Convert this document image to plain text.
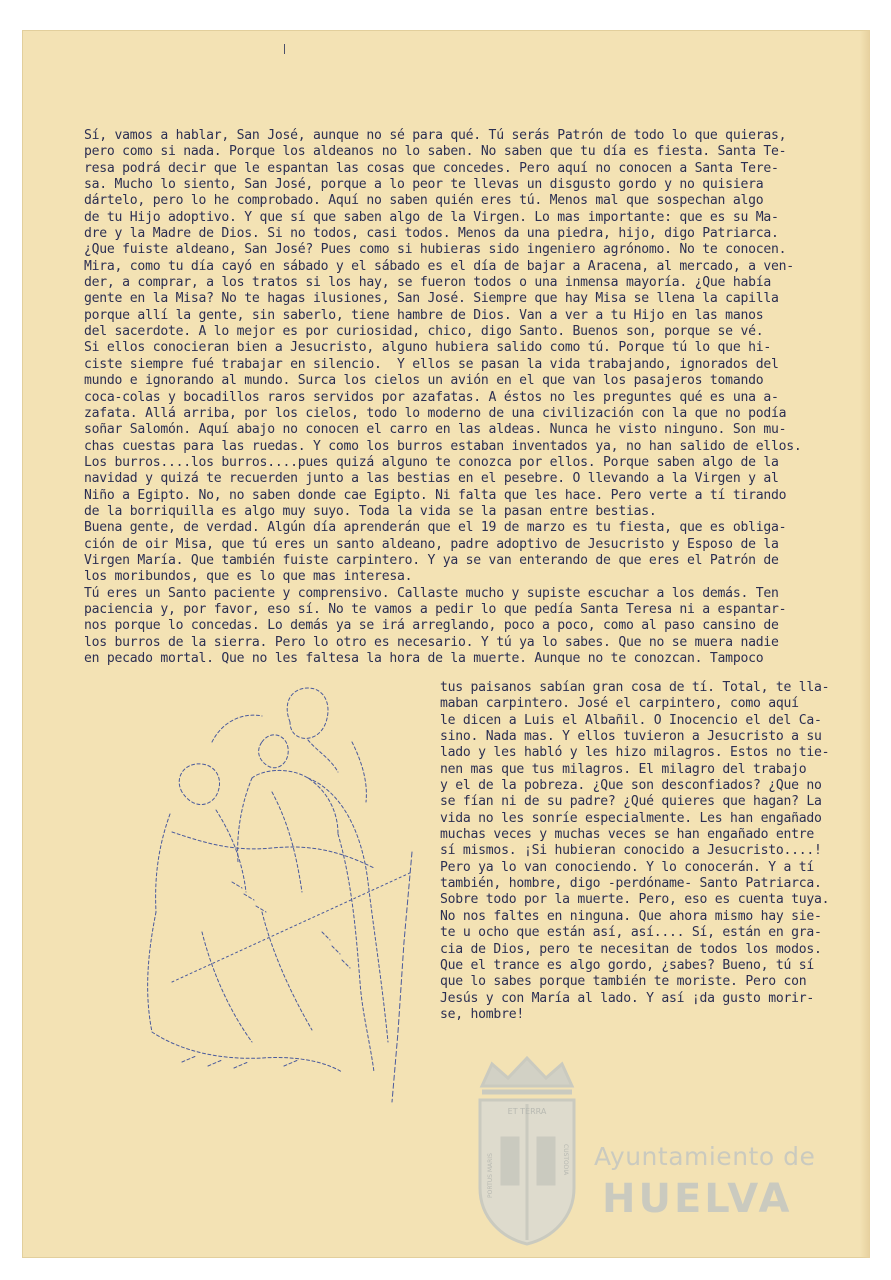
Sí, vamos a hablar, San José, aunque no sé para qué. Tú serás Patrón de todo lo que quieras,
pero como si nada. Porque los aldeanos no lo saben. No saben que tu día es fiesta. Santa Te-
resa podrá decir que le espantan las cosas que concedes. Pero aquí no conocen a Santa Tere-
sa. Mucho lo siento, San José, porque a lo peor te llevas un disgusto gordo y no quisiera
dártelo, pero lo he comprobado. Aquí no saben quién eres tú. Menos mal que sospechan algo
de tu Hijo adoptivo. Y que sí que saben algo de la Virgen. Lo mas importante: que es su Ma-
dre y la Madre de Dios. Si no todos, casi todos. Menos da una piedra, hijo, digo Patriarca.
¿Que fuiste aldeano, San José? Pues como si hubieras sido ingeniero agrónomo. No te conocen.
Mira, como tu día cayó en sábado y el sábado es el día de bajar a Aracena, al mercado, a ven-
der, a comprar, a los tratos si los hay, se fueron todos o una inmensa mayoría. ¿Que había
gente en la Misa? No te hagas ilusiones, San José. Siempre que hay Misa se llena la capilla
porque allí la gente, sin saberlo, tiene hambre de Dios. Van a ver a tu Hijo en las manos
del sacerdote. A lo mejor es por curiosidad, chico, digo Santo. Buenos son, porque se vé.
Si ellos conocieran bien a Jesucristo, alguno hubiera salido como tú. Porque tú lo que hi-
ciste siempre fué trabajar en silencio.  Y ellos se pasan la vida trabajando, ignorados del
mundo e ignorando al mundo. Surca los cielos un avión en el que van los pasajeros tomando
coca-colas y bocadillos raros servidos por azafatas. A éstos no les preguntes qué es una a-
zafata. Allá arriba, por los cielos, todo lo moderno de una civilización con la que no podía
soñar Salomón. Aquí abajo no conocen el carro en las aldeas. Nunca he visto ninguno. Son mu-
chas cuestas para las ruedas. Y como los burros estaban inventados ya, no han salido de ellos.
Los burros....los burros....pues quizá alguno te conozca por ellos. Porque saben algo de la
navidad y quizá te recuerden junto a las bestias en el pesebre. O llevando a la Virgen y al
Niño a Egipto. No, no saben donde cae Egipto. Ni falta que les hace. Pero verte a tí tirando
de la borriquilla es algo muy suyo. Toda la vida se la pasan entre bestias.
Buena gente, de verdad. Algún día aprenderán que el 19 de marzo es tu fiesta, que es obliga-
ción de oir Misa, que tú eres un santo aldeano, padre adoptivo de Jesucristo y Esposo de la
Virgen María. Que también fuiste carpintero. Y ya se van enterando de que eres el Patrón de
los moribundos, que es lo que mas interesa.
Tú eres un Santo paciente y comprensivo. Callaste mucho y supiste escuchar a los demás. Ten
paciencia y, por favor, eso sí. No te vamos a pedir lo que pedía Santa Teresa ni a espantar-
nos porque lo concedas. Lo demás ya se irá arreglando, poco a poco, como al paso cansino de
los burros de la sierra. Pero lo otro es necesario. Y tú ya lo sabes. Que no se muera nadie
en pecado mortal. Que no les faltesa la hora de la muerte. Aunque no te conozcan. Tampoco
tus paisanos sabían gran cosa de tí. Total, te lla-
maban carpintero. José el carpintero, como aquí
le dicen a Luis el Albañil. O Inocencio el del Ca-
sino. Nada mas. Y ellos tuvieron a Jesucristo a su
lado y les habló y les hizo milagros. Estos no tie-
nen mas que tus milagros. El milagro del trabajo
y el de la pobreza. ¿Que son desconfiados? ¿Que no
se fían ni de su padre? ¿Qué quieres que hagan? La
vida no les sonríe especialmente. Les han engañado
muchas veces y muchas veces se han engañado entre
sí mismos. ¡Si hubieran conocido a Jesucristo....!
Pero ya lo van conociendo. Y lo conocerán. Y a tí
también, hombre, digo -perdóname- Santo Patriarca.
Sobre todo por la muerte. Pero, eso es cuenta tuya.
No nos faltes en ninguna. Que ahora mismo hay sie-
te u ocho que están así, así.... Sí, están en gra-
cia de Dios, pero te necesitan de todos los modos.
Que el trance es algo gordo, ¿sabes? Bueno, tú sí
que lo sabes porque también te moriste. Pero con
Jesús y con María al lado. Y así ¡da gusto morir-
se, hombre!
ET TERRA
PORTUS MARIS	CUSTODIA Ayuntamiento de
HUELVA
